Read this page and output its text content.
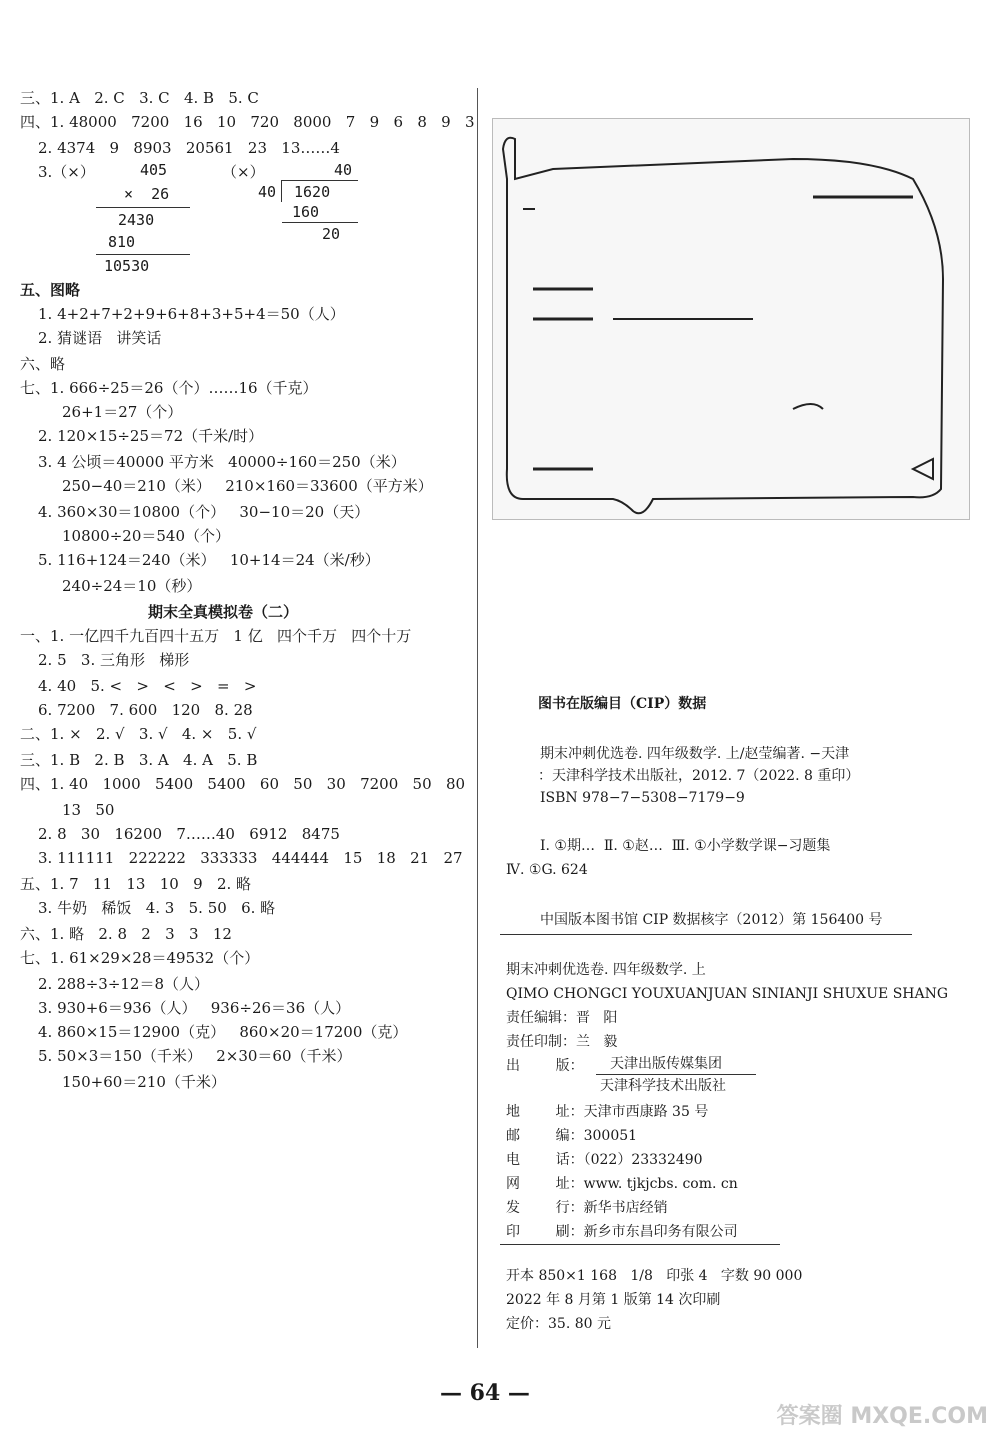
三、1. A   2. C   3. C   4. B   5. C
四、1. 48000   7200   16   10   720   8000   7   9   6   8   9   3
2. 4374   9   8903   20561   23   13……4
3.（×）	（×）
405
×  26
2430
810
10530
40
40 1620
160
20
五、图略
1. 4+2+7+2+9+6+8+3+5+4＝50（人）
2. 猜谜语   讲笑话
六、略
七、1. 666÷25＝26（个）……16（千克）
26+1＝27（个）
2. 120×15÷25＝72（千米/时）
3. 4 公顷＝40000 平方米   40000÷160＝250（米）
250−40＝210（米）   210×160＝33600（平方米）
4. 360×30＝10800（个）   30−10＝20（天）
10800÷20＝540（个）
5. 116+124＝240（米）   10+14＝24（米/秒）
240÷24＝10（秒）
期末全真模拟卷（二）
一、1. 一亿四千九百四十五万   1 亿   四个千万   四个十万
2. 5   3. 三角形   梯形
4. 40   5. <   >   <   >   =   >
6. 7200   7. 600   120   8. 28
二、1. ×   2. √   3. √   4. ×   5. √
三、1. B   2. B   3. A   4. A   5. B
四、1. 40   1000   5400   5400   60   50   30   7200   50   80
13   50
2. 8   30   16200   7……40   6912   8475
3. 111111   222222   333333   444444   15   18   21   27
五、1. 7   11   13   10   9   2. 略
3. 牛奶   稀饭   4. 3   5. 50   6. 略
六、1. 略   2. 8   2   3   3   12
七、1. 61×29×28＝49532（个）
2. 288÷3÷12＝8（人）
3. 930+6＝936（人）   936÷26＝36（人）
4. 860×15＝12900（克）   860×20＝17200（克）
5. 50×3＝150（千米）   2×30＝60（千米）
150+60＝210（千米）
图书在版编目（CIP）数据
期末冲刺优选卷. 四年级数学. 上/赵莹编著. −天津
：天津科学技术出版社，2012. 7（2022. 8 重印）
ISBN 978−7−5308−7179−9
Ⅰ. ①期…  Ⅱ. ①赵…  Ⅲ. ①小学数学课−习题集
Ⅳ. ①G. 624
中国版本图书馆 CIP 数据核字（2012）第 156400 号
期末冲刺优选卷. 四年级数学. 上
QIMO CHONGCI YOUXUANJUAN SINIANJI SHUXUE SHANG
责任编辑：晋   阳
责任印制：兰   毅
出        版： 天津出版传媒集团
天津科学技术出版社
地        址：天津市西康路 35 号
邮        编：300051
电        话：（022）23332490
网        址：www. tjkjcbs. com. cn
发        行：新华书店经销
印        刷：新乡市东昌印务有限公司
开本 850×1 168   1/8   印张 4   字数 90 000
2022 年 8 月第 1 版第 14 次印刷
定价：35. 80 元
— 64 —
答案圈 MXQE.COM
